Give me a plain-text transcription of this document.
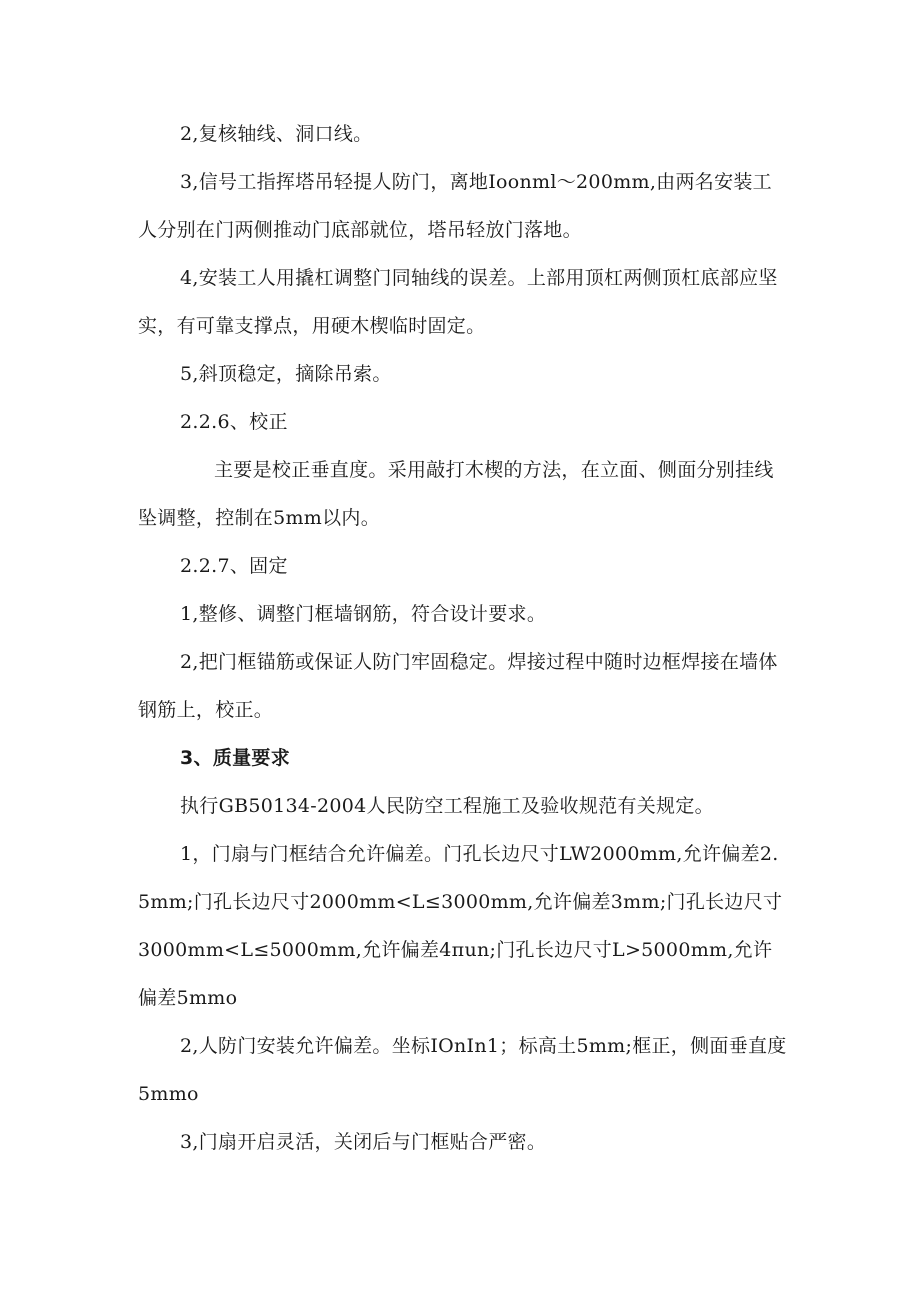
2,复核轴线、洞口线。

3,信号工指挥塔吊轻提人防门，离地Ioonml～200mm,由两名安装工人分别在门两侧推动门底部就位，塔吊轻放门落地。

4,安装工人用撬杠调整门同轴线的误差。上部用顶杠两侧顶杠底部应坚实，有可靠支撑点，用硬木楔临时固定。

5,斜顶稳定，摘除吊索。

2.2.6、校正

主要是校正垂直度。采用敲打木楔的方法，在立面、侧面分别挂线坠调整，控制在5mm以内。

2.2.7、固定

1,整修、调整门框墙钢筋，符合设计要求。

2,把门框锚筋或保证人防门牢固稳定。焊接过程中随时边框焊接在墙体钢筋上，校正。

3、质量要求

执行GB50134-2004人民防空工程施工及验收规范有关规定。

1，门扇与门框结合允许偏差。门孔长边尺寸LW2000mm,允许偏差2.5mm;门孔长边尺寸2000mm<L≤3000mm,允许偏差3mm;门孔长边尺寸3000mm<L≤5000mm,允许偏差4πun;门孔长边尺寸L>5000mm,允许偏差5mmo

2,人防门安装允许偏差。坐标IOnIn1；标高土5mm;框正，侧面垂直度5mmo

3,门扇开启灵活，关闭后与门框贴合严密。
